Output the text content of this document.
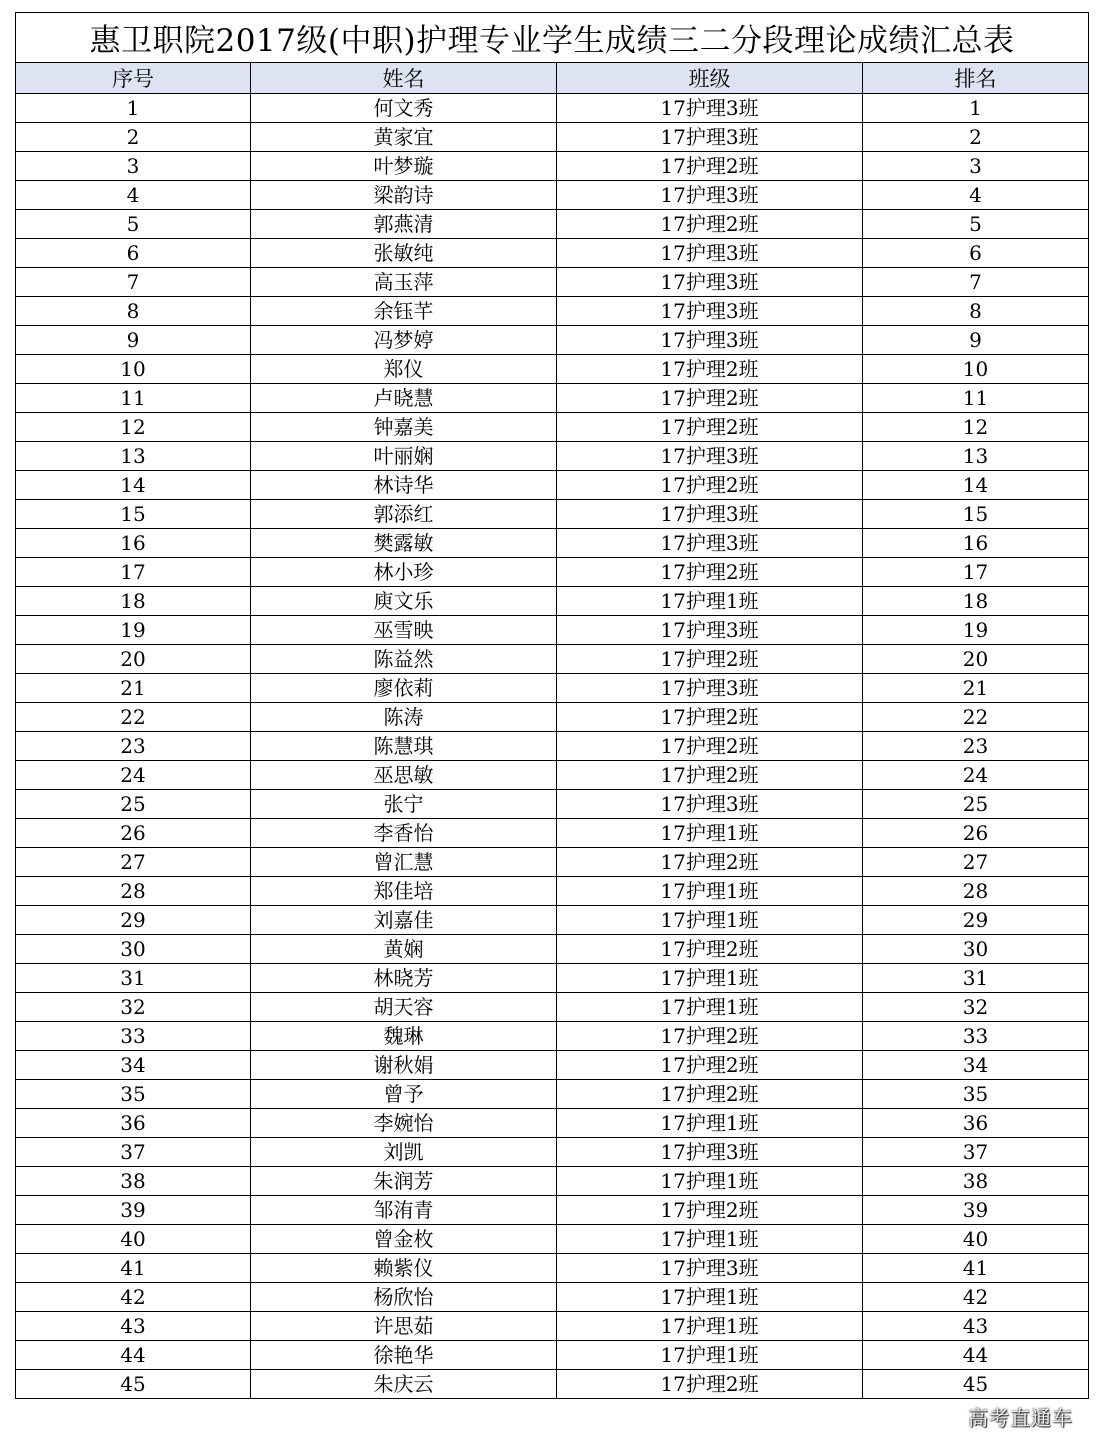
惠卫职院2017级(中职)护理专业学生成绩三二分段理论成绩汇总表			
序号	姓名	班级	排名
1	何文秀	17护理3班	1
2	黄家宜	17护理3班	2
3	叶梦璇	17护理2班	3
4	梁韵诗	17护理3班	4
5	郭燕清	17护理2班	5
6	张敏纯	17护理3班	6
7	高玉萍	17护理3班	7
8	余钰芊	17护理3班	8
9	冯梦婷	17护理3班	9
10	郑仪	17护理2班	10
11	卢晓慧	17护理2班	11
12	钟嘉美	17护理2班	12
13	叶丽娴	17护理3班	13
14	林诗华	17护理2班	14
15	郭添红	17护理3班	15
16	樊露敏	17护理3班	16
17	林小珍	17护理2班	17
18	庾文乐	17护理1班	18
19	巫雪映	17护理3班	19
20	陈益然	17护理2班	20
21	廖依莉	17护理3班	21
22	陈涛	17护理2班	22
23	陈慧琪	17护理2班	23
24	巫思敏	17护理2班	24
25	张宁	17护理3班	25
26	李香怡	17护理1班	26
27	曾汇慧	17护理2班	27
28	郑佳培	17护理1班	28
29	刘嘉佳	17护理1班	29
30	黄娴	17护理2班	30
31	林晓芳	17护理1班	31
32	胡天容	17护理1班	32
33	魏琳	17护理2班	33
34	谢秋娟	17护理2班	34
35	曾予	17护理2班	35
36	李婉怡	17护理1班	36
37	刘凯	17护理3班	37
38	朱润芳	17护理1班	38
39	邹洧青	17护理2班	39
40	曾金枚	17护理1班	40
41	赖紫仪	17护理3班	41
42	杨欣怡	17护理1班	42
43	许思茹	17护理1班	43
44	徐艳华	17护理1班	44
45	朱庆云	17护理2班	45
高考直通车
